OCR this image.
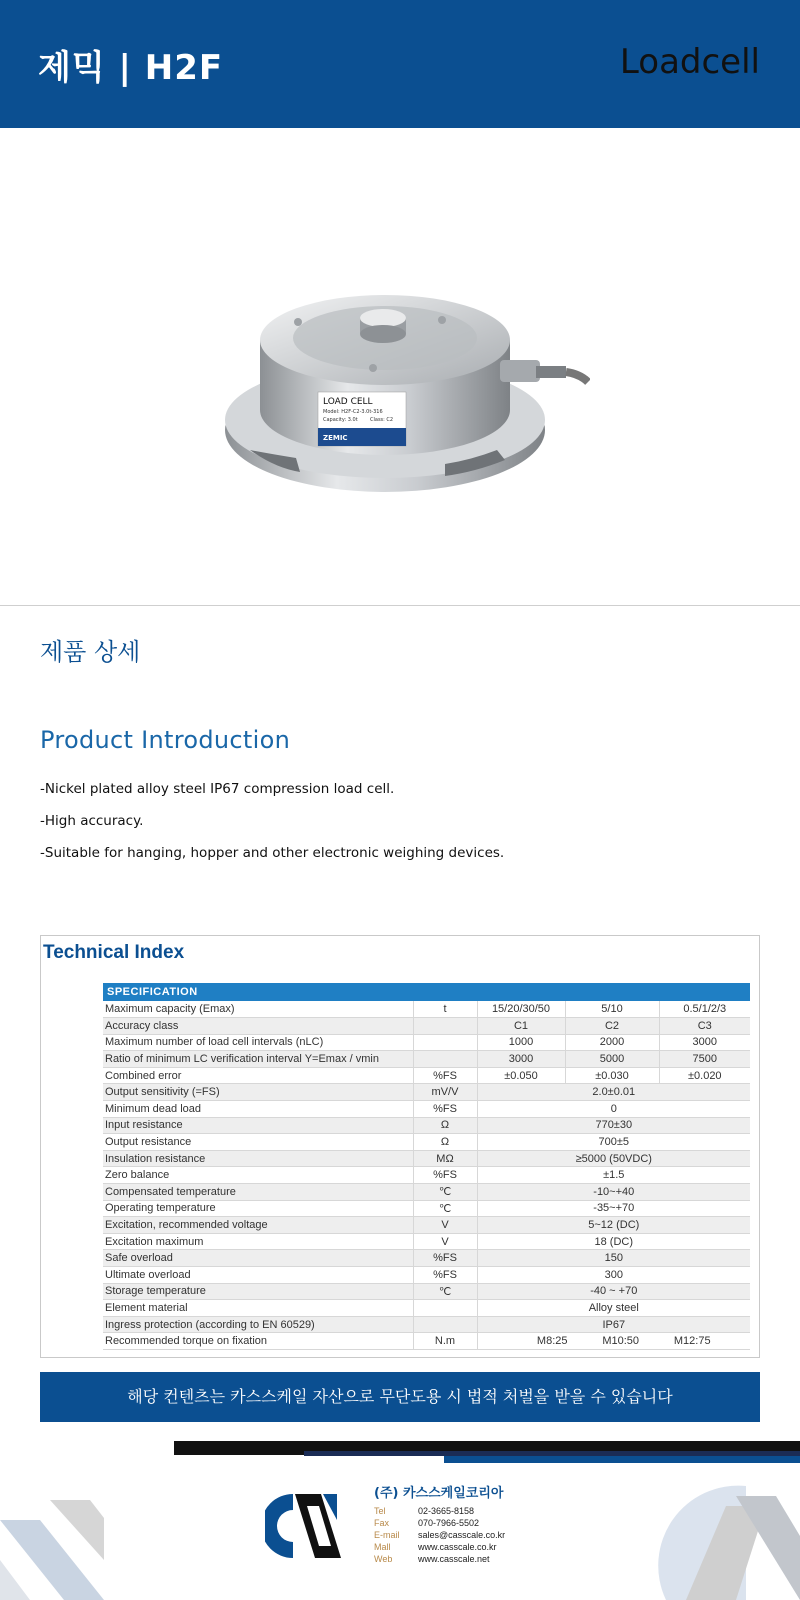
제믹 | H2F	Loadcell
LOAD CELL
Model: H2F-C2-3.0t-316
Capacity: 3.0t Class: C2
ZEMIC
제품 상세
Product Introduction
-Nickel plated alloy steel IP67 compression load cell.
-High accuracy.
-Suitable for hanging, hopper and other electronic weighing devices.
Technical Index
SPECIFICATION				
Maximum capacity (Emax)	t	15/20/30/50	5/10	0.5/1/2/3
Accuracy class		C1	C2	C3
Maximum number of load cell intervals (nLC)		1000	2000	3000
Ratio of minimum LC verification interval Y=Emax / vmin		3000	5000	7500
Combined error	%FS	±0.050	±0.030	±0.020
Output sensitivity (=FS)	mV/V	2.0±0.01		
Minimum dead load	%FS	0		
Input resistance	Ω	770±30		
Output resistance	Ω	700±5		
Insulation resistance	MΩ	≥5000 (50VDC)		
Zero balance	%FS	±1.5		
Compensated temperature	℃	-10~+40		
Operating temperature	℃	-35~+70		
Excitation, recommended voltage	V	5~12 (DC)		
Excitation maximum	V	18 (DC)		
Safe overload	%FS	150		
Ultimate overload	%FS	300		
Storage temperature	℃	-40 ~ +70		
Element material		Alloy steel		
Ingress protection (according to EN 60529)		IP67		
Recommended torque on fixation	N.m	M8:25 M10:50 M12:75		
해당 컨텐츠는 카스스케일 자산으로 무단도용 시 법적 처벌을 받을 수 있습니다
(주) 카스스케일코리아
Tel	02-3665-8158
Fax	070-7966-5502
E-mail	sales@casscale.co.kr
Mall	www.casscale.co.kr
Web	www.casscale.net
